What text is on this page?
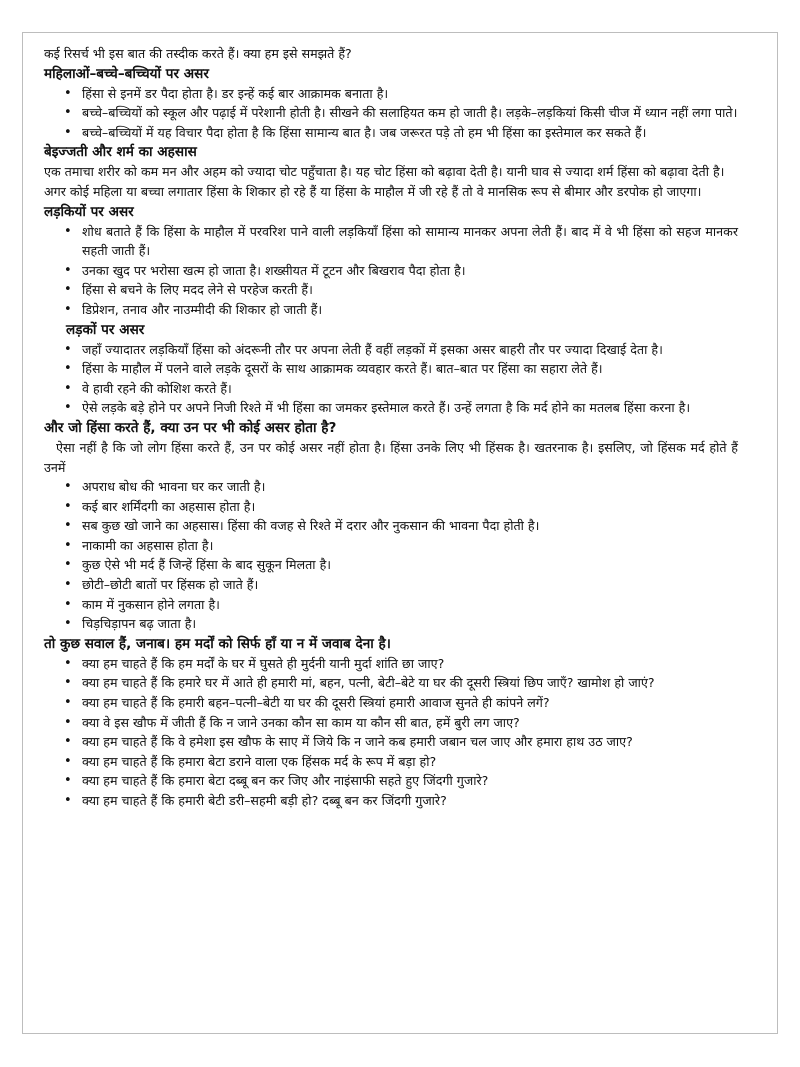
कई रिसर्च भी इस बात की तस्दीक करते हैं। क्या हम इसे समझते हैं?

महिलाओं–बच्चे–बच्चियों पर असर
• हिंसा से इनमें डर पैदा होता है। डर इन्हें कई बार आक्रामक बनाता है।
• बच्चे–बच्चियों को स्कूल और पढ़ाई में परेशानी होती है। सीखने की सलाहियत कम हो जाती है। लड़के–लड़कियां किसी चीज में ध्यान नहीं लगा पाते।
• बच्चे–बच्चियों में यह विचार पैदा होता है कि हिंसा सामान्य बात है। जब जरूरत पड़े तो हम भी हिंसा का इस्तेमाल कर सकते हैं।
बेइज्जती और शर्म का अहसास

एक तमाचा शरीर को कम मन और अहम को ज्यादा चोट पहुँचाता है। यह चोट हिंसा को बढ़ावा देती है। यानी घाव से ज्यादा शर्म हिंसा को बढ़ावा देती है।

अगर कोई महिला या बच्चा लगातार हिंसा के शिकार हो रहे हैं या हिंसा के माहौल में जी रहे हैं तो वे मानसिक रूप से बीमार और डरपोक हो जाएगा।

लड़कियों पर असर
• शोध बताते हैं कि हिंसा के माहौल में परवरिश पाने वाली लड़कियाँ हिंसा को सामान्य मानकर अपना लेती हैं। बाद में वे भी हिंसा को सहज मानकर सहती जाती हैं।
• उनका खुद पर भरोसा खत्म हो जाता है। शख्सीयत में टूटन और बिखराव पैदा होता है।
• हिंसा से बचने के लिए मदद लेने से परहेज करती हैं।
• डिप्रेशन, तनाव और नाउम्मीदी की शिकार हो जाती हैं।
लड़कों पर असर
• जहाँ ज्यादातर लड़कियाँ हिंसा को अंदरूनी तौर पर अपना लेती हैं वहीं लड़कों में इसका असर बाहरी तौर पर ज्यादा दिखाई देता है।
• हिंसा के माहौल में पलने वाले लड़के दूसरों के साथ आक्रामक व्यवहार करते हैं। बात–बात पर हिंसा का सहारा लेते हैं।
• वे हावी रहने की कोशिश करते हैं।
• ऐसे लड़के बड़े होने पर अपने निजी रिश्ते में भी हिंसा का जमकर इस्तेमाल करते हैं। उन्हें लगता है कि मर्द होने का मतलब हिंसा करना है।
और जो हिंसा करते हैं, क्या उन पर भी कोई असर होता है?

ऐसा नहीं है कि जो लोग हिंसा करते हैं, उन पर कोई असर नहीं होता है। हिंसा उनके लिए भी हिंसक है। खतरनाक है। इसलिए, जो हिंसक मर्द होते हैं उनमें

• अपराध बोध की भावना घर कर जाती है।
• कई बार शर्मिंदगी का अहसास होता है।
• सब कुछ खो जाने का अहसास। हिंसा की वजह से रिश्ते में दरार और नुकसान की भावना पैदा होती है।
• नाकामी का अहसास होता है।
• कुछ ऐसे भी मर्द हैं जिन्हें हिंसा के बाद सुकून मिलता है।
• छोटी–छोटी बातों पर हिंसक हो जाते हैं।
• काम में नुकसान होने लगता है।
• चिड़चिड़ापन बढ़ जाता है।
तो कुछ सवाल हैं, जनाब। हम मर्दों को सिर्फ हाँ या न में जवाब देना है।
• क्या हम चाहते हैं कि हम मर्दों के घर में घुसते ही मुर्दनी यानी मुर्दा शांति छा जाए?
• क्या हम चाहते हैं कि हमारे घर में आते ही हमारी मां, बहन, पत्नी, बेटी–बेटे या घर की दूसरी स्त्रियां छिप जाएँ? खामोश हो जाएं?
• क्या हम चाहते हैं कि हमारी बहन–पत्नी–बेटी या घर की दूसरी स्त्रियां हमारी आवाज सुनते ही कांपने लगें?
• क्या वे इस खौफ में जीती हैं कि न जाने उनका कौन सा काम या कौन सी बात, हमें बुरी लग जाए?
• क्या हम चाहते हैं कि वे हमेशा इस खौफ के साए में जिये कि न जाने कब हमारी जबान चल जाए और हमारा हाथ उठ जाए?
• क्या हम चाहते हैं कि हमारा बेटा डराने वाला एक हिंसक मर्द के रूप में बड़ा हो?
• क्या हम चाहते हैं कि हमारा बेटा दब्बू बन कर जिए और नाइंसाफी सहते हुए जिंदगी गुजारे?
• क्या हम चाहते हैं कि हमारी बेटी डरी–सहमी बड़ी हो? दब्बू बन कर जिंदगी गुजारे?
